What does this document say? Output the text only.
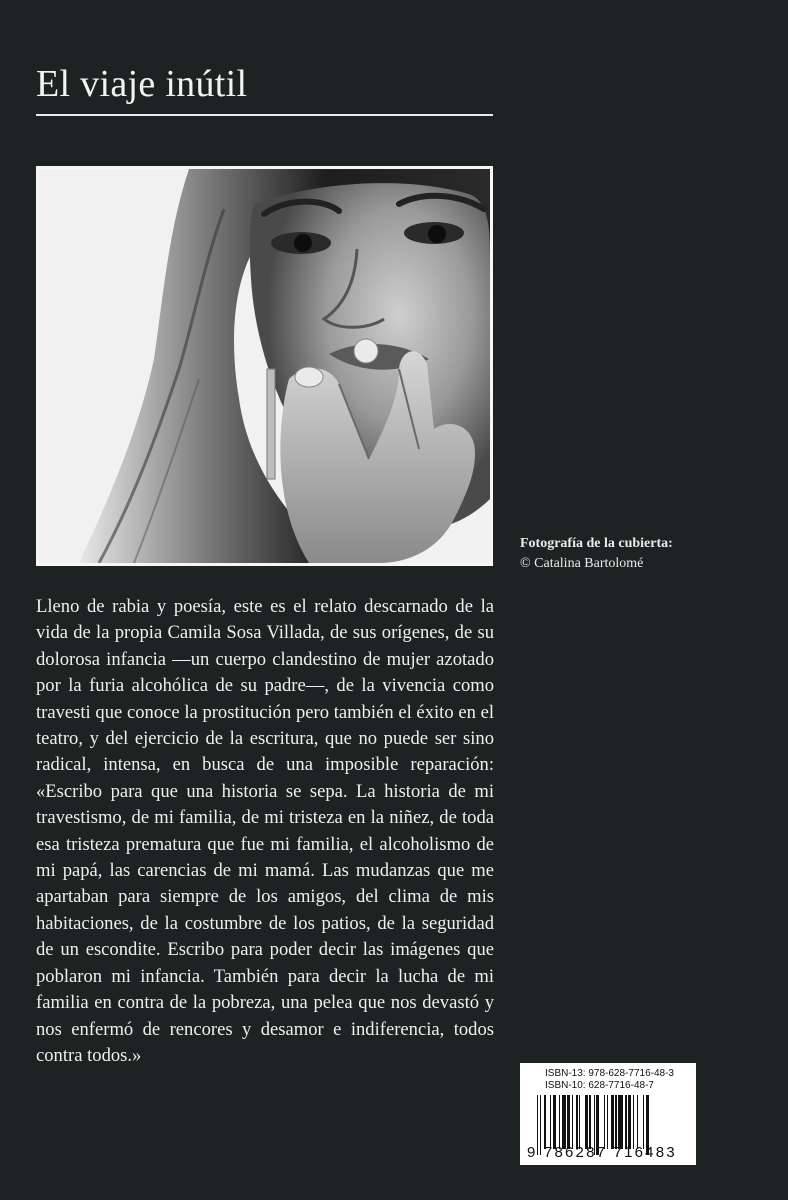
El viaje inútil
Fotografía de la cubierta:
© Catalina Bartolomé

Lleno de rabia y poesía, este es el relato descarnado de la vida de la propia Camila Sosa Villada, de sus orígenes, de su dolorosa infancia —un cuerpo clandestino de mujer azotado por la furia alcohólica de su padre—, de la vivencia como travesti que conoce la prostitución pero también el éxito en el teatro, y del ejercicio de la escritura, que no puede ser sino radical, intensa, en busca de una imposible reparación: «Escribo para que una historia se sepa. La historia de mi travestismo, de mi familia, de mi tristeza en la niñez, de toda esa tristeza prematura que fue mi familia, el alcoholismo de mi papá, las carencias de mi mamá. Las mudanzas que me apartaban para siempre de los amigos, del clima de mis habitaciones, de la costumbre de los patios, de la seguridad de un escondite. Escribo para poder decir las imágenes que poblaron mi infancia. También para decir la lucha de mi familia en contra de la pobreza, una pelea que nos devastó y nos enfermó de rencores y desamor e indiferencia, todos contra todos.»

ISBN-13: 978-628-7716-48-3
ISBN-10: 628-7716-48-7
9 786287 716483
